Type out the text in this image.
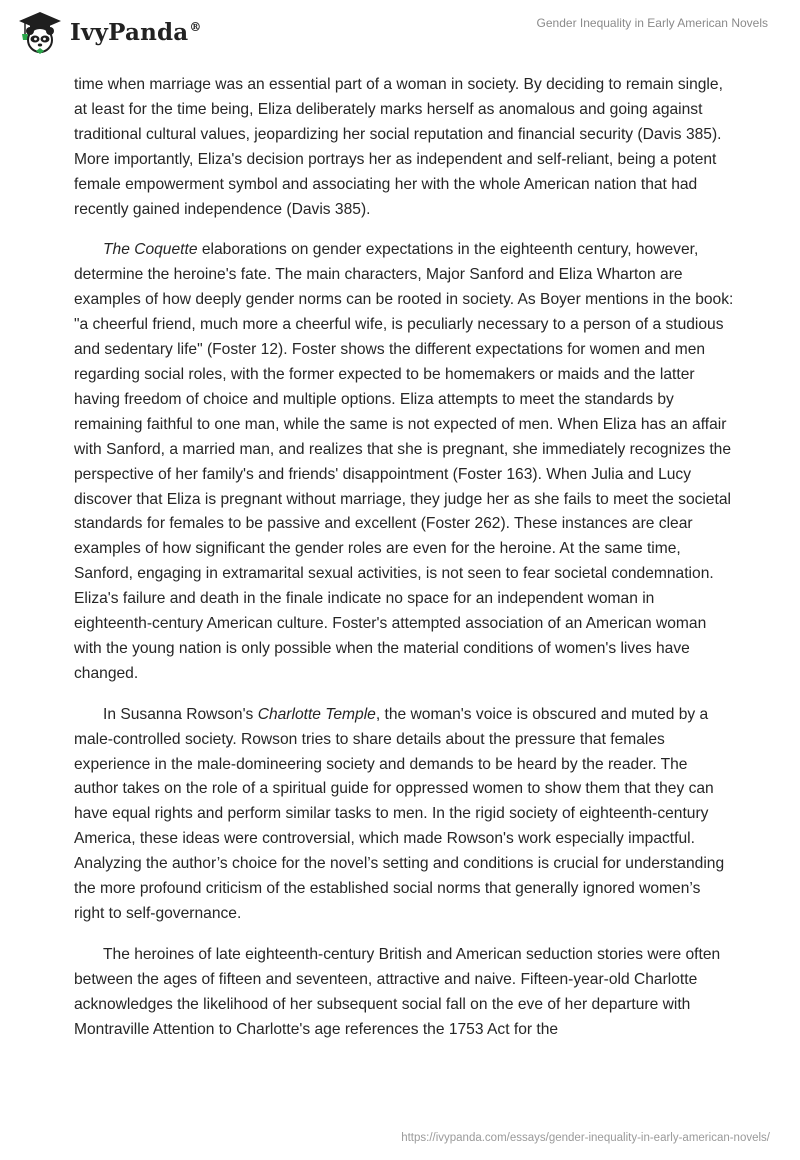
IvyPanda®	Gender Inequality in Early American Novels

time when marriage was an essential part of a woman in society. By deciding to remain single, at least for the time being, Eliza deliberately marks herself as anomalous and going against traditional cultural values, jeopardizing her social reputation and financial security (Davis 385). More importantly, Eliza's decision portrays her as independent and self-reliant, being a potent female empowerment symbol and associating her with the whole American nation that had recently gained independence (Davis 385).

The Coquette elaborations on gender expectations in the eighteenth century, however, determine the heroine's fate. The main characters, Major Sanford and Eliza Wharton are examples of how deeply gender norms can be rooted in society. As Boyer mentions in the book: "a cheerful friend, much more a cheerful wife, is peculiarly necessary to a person of a studious and sedentary life" (Foster 12). Foster shows the different expectations for women and men regarding social roles, with the former expected to be homemakers or maids and the latter having freedom of choice and multiple options. Eliza attempts to meet the standards by remaining faithful to one man, while the same is not expected of men. When Eliza has an affair with Sanford, a married man, and realizes that she is pregnant, she immediately recognizes the perspective of her family's and friends' disappointment (Foster 163). When Julia and Lucy discover that Eliza is pregnant without marriage, they judge her as she fails to meet the societal standards for females to be passive and excellent (Foster 262). These instances are clear examples of how significant the gender roles are even for the heroine. At the same time, Sanford, engaging in extramarital sexual activities, is not seen to fear societal condemnation. Eliza's failure and death in the finale indicate no space for an independent woman in eighteenth-century American culture. Foster's attempted association of an American woman with the young nation is only possible when the material conditions of women's lives have changed.

In Susanna Rowson's Charlotte Temple, the woman's voice is obscured and muted by a male-controlled society. Rowson tries to share details about the pressure that females experience in the male-domineering society and demands to be heard by the reader. The author takes on the role of a spiritual guide for oppressed women to show them that they can have equal rights and perform similar tasks to men. In the rigid society of eighteenth-century America, these ideas were controversial, which made Rowson's work especially impactful. Analyzing the author’s choice for the novel’s setting and conditions is crucial for understanding the more profound criticism of the established social norms that generally ignored women’s right to self-governance.

The heroines of late eighteenth-century British and American seduction stories were often between the ages of fifteen and seventeen, attractive and naive. Fifteen-year-old Charlotte acknowledges the likelihood of her subsequent social fall on the eve of her departure with Montraville Attention to Charlotte's age references the 1753 Act for the

https://ivypanda.com/essays/gender-inequality-in-early-american-novels/
